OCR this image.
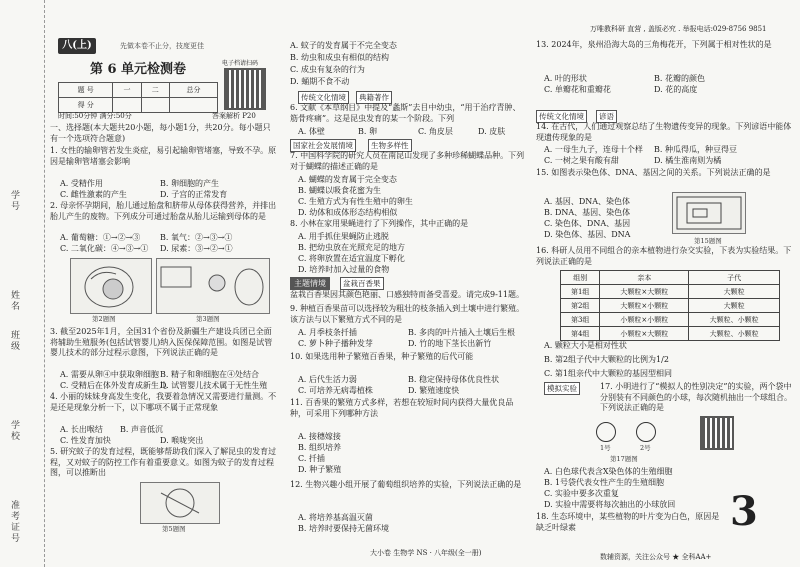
学号
姓名
班级
学校
准考证号
八(上)	先做本卷不止分，技度更佳
第 6 单元检测卷	电子档请扫码
题 号	一	二	总分
得 分			
时间:50分钟 满分:50分	答案解析 P20
一、选择题(本大题共20小题，每小题1分，共20分。每小题只有一个选项符合题意)
1. 女性的输卵管若发生炎症，易引起输卵管堵塞，导致不孕。原因是输卵管堵塞会影响
A. 受精作用	B. 卵细胞的产生
C. 雌性激素的产生	D. 子宫的正常发育
2. 母亲怀孕期间，胎儿通过胎盘和脐带从母体获得营养，并排出胎儿产生的废物。下列成分可通过胎盘从胎儿运输到母体的是
A. 葡萄糖：①→②→③ B. 氧气：②→③→①
C. 二氧化碳：④→③→① D. 尿素：③→②→①
第2题图	第3题图
3. 截至2025年1月，全国31个省份及新疆生产建设兵团已全面将辅助生殖服务(包括试管婴儿)纳入医保保障范围。如图是试管婴儿技术的部分过程示意图，下列说法正确的是
A. 需要从卵④中获取卵细胞 B. 精子和卵细胞在④处结合
C. 受精后在体外发育成新生儿
D. 试管婴儿技术属于无性生殖
4. 小丽的妹妹身高发生变化，我要着急情况又需要进行量测。不是还是现象分析一下，以下哪项不属于正常现象
A. 长出喉结 B. 声音低沉
C. 性发育加快	D. 喉咙突出
5. 研究蚊子的发育过程，既能够帮助我们深入了解昆虫的发育过程，又对蚊子的防控工作有着重要意义。如图为蚊子的发育过程图，可以推断出
第5题图
A. 蚊子的发育属于不完全变态
B. 幼虫和成虫有相似的结构
C. 成虫有复杂的行为
D. 蛹期不食不动
传统文化情境	典籍著作
6. 文献《本草纲目》中提及“螽斯”去目中幼虫，“用于治疗青肿、筋骨疼痛”。这是昆虫发育的某一个阶段。下列
A. 体壁	B. 卵	C. 角皮层	D. 皮肤
国家社会发展情境	生物多样性
7. 中国科学院的研究人员在南昆山发现了多种珍稀蝴蝶品种。下列对于蝴蝶的描述正确的是
A. 蝴蝶的发育属于完全变态
B. 蝴蝶以吸食花蜜为生
C. 生殖方式为有性生殖中的卵生
D. 幼体和成体形态结构相似
8. 小林在家用果蝇进行了下列操作，其中正确的是
A. 用手抓住果蝇防止逃脱
B. 把幼虫放在光照充足的地方
C. 将卵放置在适宜温度下孵化
D. 培养时加入过量的食物
主题情境	盆栽百香果
盆栽百香果因其颜色艳丽、口感独特而备受喜爱。请完成9-11题。
9. 种植百香果苗可以选择较为粗壮的枝条插入到土壤中进行繁殖。该方法与以下繁殖方式不同的是
A. 月季枝条扦插	B. 多肉的叶片插入土壤后生根
C. 萝卜种子播种发芽	D. 竹的地下茎长出新竹
10. 如果选用种子繁殖百香果，种子繁殖的后代可能
A. 后代生活力弱	B. 稳定保持母体优良性状
C. 可培养无病毒植株	D. 繁殖速度快
11. 百香果的繁殖方式多样，若想在较短时间内获得大量优良品种，可采用下列哪种方法
A. 接穗嫁接
B. 组织培养
C. 扦插
D. 种子繁殖
12. 生物兴趣小组开展了葡萄组织培养的实验，下列说法正确的是
A. 将培养基高温灭菌
B. 培养时要保持无菌环境
大小卷 生物学 NS · 八年级(全一册)
万唯教科研 直营 , 盖版必究 . 举报电话:029-8756 9851
13. 2024年，泉州沿海大岛的三角梅花开，下列属于相对性状的是
A. 叶的形状	B. 花瓣的颜色
C. 单瓣花和重瓣花	D. 花的高度
传统文化情境	谚语
14. 在古代，人们通过观察总结了生物遗传变异的现象。下列谚语中能体现遗传现象的是
A. 一母生九子，连母十个样 B. 种瓜得瓜，种豆得豆
C. 一树之果有酸有甜	D. 橘生淮南则为橘
15. 如图表示染色体、DNA、基因之间的关系。下列说法正确的是
A. 基因、DNA、染色体
B. DNA、基因、染色体
C. 染色体、DNA、基因
D. 染色体、基因、DNA
第15题图
16. 科研人员用不同组合的亲本植物进行杂交实验，下表为实验结果。下列说法正确的是
组别	亲本	子代
第1组	大颗粒×大颗粒	大颗粒
第2组	大颗粒×小颗粒	大颗粒
第3组	小颗粒×小颗粒	大颗粒、小颗粒
第4组	小颗粒×大颗粒	大颗粒、小颗粒
A. 颗粒大小是相对性状
B. 第2组子代中大颗粒的比例为1/2
C. 第1组亲代中大颗粒的基因型相同
模拟实验	17. 小明进行了“模拟人的性别决定”的实验，两个袋中分别装有不同颜色的小球，每次随机抽出一个球组合。下列说法正确的是
1号	2号
第17题图
A. 白色球代表含X染色体的生殖细胞
B. 1号袋代表女性产生的生殖细胞
C. 实验中要多次重复
D. 实验中需要将每次抽出的小球放回
18. 生态环境中，某些植物的叶片变为白色，原因是缺乏叶绿素	3
数辅资源，关注公众号 ★ 全科AA+
